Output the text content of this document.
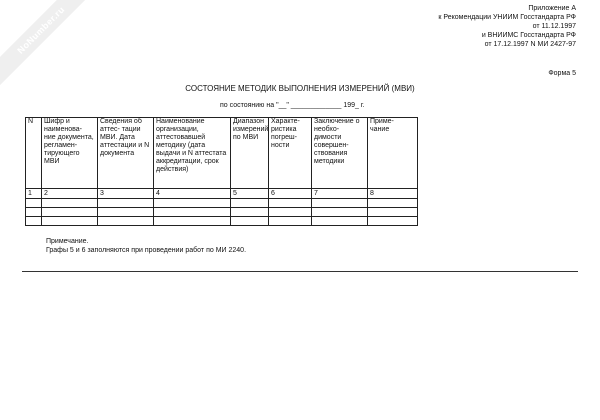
NoNumber.ru	Приложение А
к Рекомендации УНИИМ Госстандарта РФ
от 11.12.1997
и ВНИИМС Госстандарта РФ
от 17.12.1997 N МИ 2427-97
Форма 5
СОСТОЯНИЕ МЕТОДИК ВЫПОЛНЕНИЯ ИЗМЕРЕНИЙ (МВИ)
по состоянию на "__" _____________ 199_ г.
N	Шифр и наименова- ние документа, регламен- тирующего МВИ	Сведения об аттес- тации МВИ. Дата аттестации и N документа	Наименование организации, аттестовавшей методику (дата выдачи и N аттестата аккредитации, срок действия)	Диапазон измерений по МВИ	Характе- ристика погреш- ности	Заключение о необхо- димости совершен- ствования методики	Приме- чание
1	2	3	4	5	6	7	8

Примечание.
Графы 5 и 6 заполняются при проведении работ по МИ 2240.
